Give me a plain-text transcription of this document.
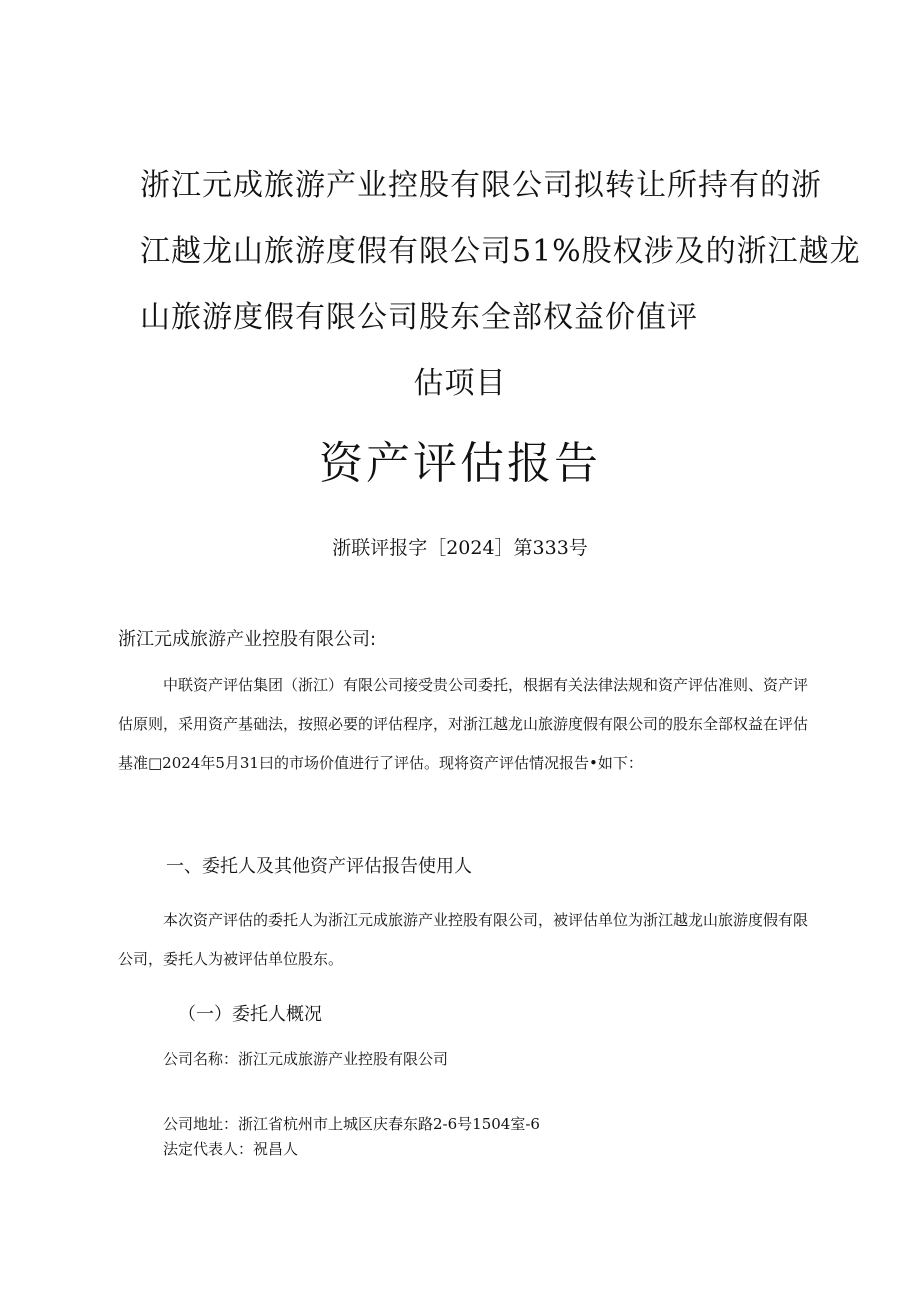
浙江元成旅游产业控股有限公司拟转让所持有的浙
江越龙山旅游度假有限公司51%股权涉及的浙江越龙
山旅游度假有限公司股东全部权益价值评
估项目
资产评估报告
浙联评报字［2024］第333号
浙江元成旅游产业控股有限公司:

中联资产评估集团（浙江）有限公司接受贵公司委托，根据有关法律法规和资产评估准则、资产评估原则，采用资产基础法，按照必要的评估程序，对浙江越龙山旅游度假有限公司的股东全部权益在评估基准□2024年5月31曰的市场价值进行了评估。现将资产评估情况报告•如下：

一、委托人及其他资产评估报告使用人

本次资产评估的委托人为浙江元成旅游产业控股有限公司，被评估单位为浙江越龙山旅游度假有限公司，委托人为被评估单位股东。

（一）委托人概况
公司名称：浙江元成旅游产业控股有限公司
公司地址：浙江省杭州市上城区庆春东路2-6号1504室-6
法定代表人：祝昌人
